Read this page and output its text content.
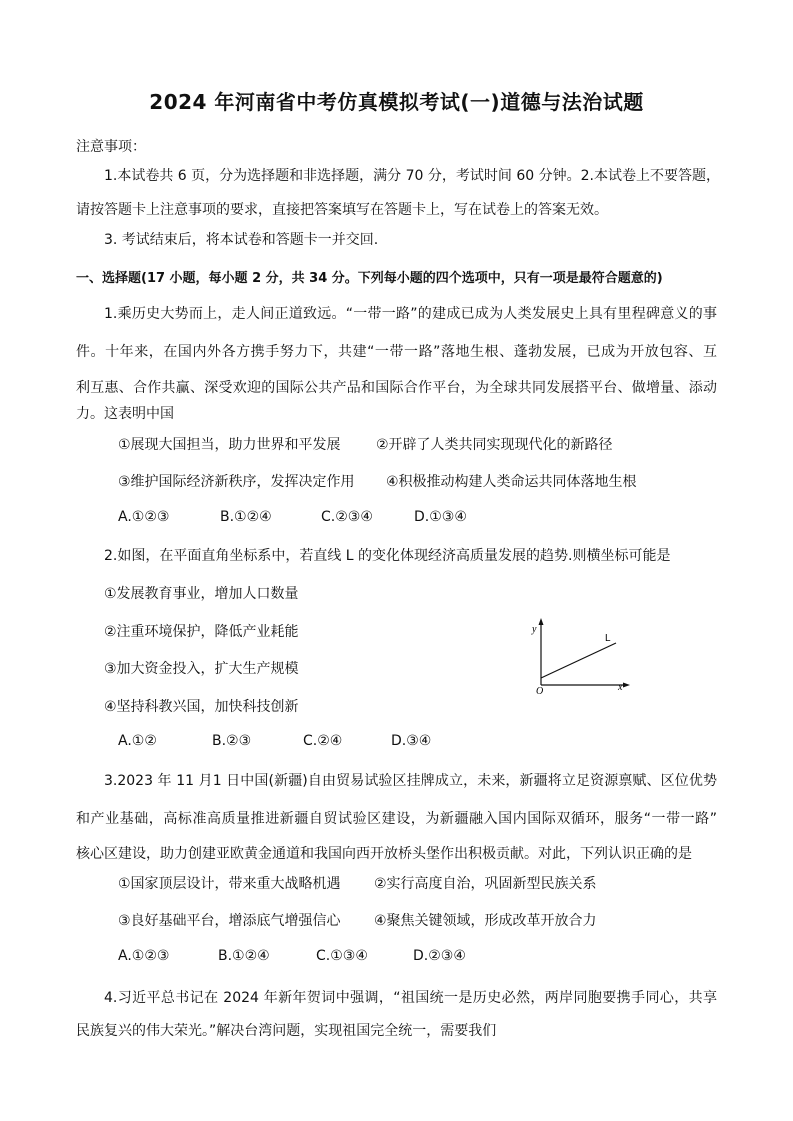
2024 年河南省中考仿真模拟考试(一)道德与法治试题
注意事项：
1.本试卷共 6 页，分为选择题和非选择题，满分 70 分，考试时间 60 分钟。2.本试卷上不要答题，
请按答题卡上注意事项的要求，直接把答案填写在答题卡上，写在试卷上的答案无效。
3. 考试结束后，将本试卷和答题卡一并交回.
一、选择题(17 小题，每小题 2 分，共 34 分。下列每小题的四个选项中，只有一项是最符合题意的)
1.乘历史大势而上，走人间正道致远。“一带一路”的建成已成为人类发展史上具有里程碑意义的事
件。十年来，在国内外各方携手努力下，共建“一带一路”落地生根、蓬勃发展，已成为开放包容、互
利互惠、合作共赢、深受欢迎的国际公共产品和国际合作平台，为全球共同发展搭平台、做增量、添动
力。这表明中国
①展现大国担当，助力世界和平发展	②开辟了人类共同实现现代化的新路径
③维护国际经济新秩序，发挥决定作用 ④积极推动构建人类命运共同体落地生根
A.①②③	B.①②④	C.②③④	D.①③④
2.如图，在平面直角坐标系中，若直线 L 的变化体现经济高质量发展的趋势.则横坐标可能是
①发展教育事业，增加人口数量
②注重环境保护，降低产业耗能
③加大资金投入，扩大生产规模
④坚持科教兴国，加快科技创新
y
x
O
L
A.①②	B.②③	C.②④	D.③④
3.2023 年 11 月1 日中国(新疆)自由贸易试验区挂牌成立，未来，新疆将立足资源禀赋、区位优势
和产业基础，高标准高质量推进新疆自贸试验区建设，为新疆融入国内国际双循环，服务“一带一路”
核心区建设，助力创建亚欧黄金通道和我国向西开放桥头堡作出积极贡献。对此，下列认识正确的是
①国家顶层设计，带来重大战略机遇 ②实行高度自治，巩固新型民族关系
③良好基础平台，增添底气增强信心 ④聚焦关键领域，形成改革开放合力
A.①②③	B.①②④	C.①③④	D.②③④
4.习近平总书记在 2024 年新年贺词中强调，“祖国统一是历史必然，两岸同胞要携手同心，共享
民族复兴的伟大荣光。”解决台湾问题，实现祖国完全统一，需要我们
